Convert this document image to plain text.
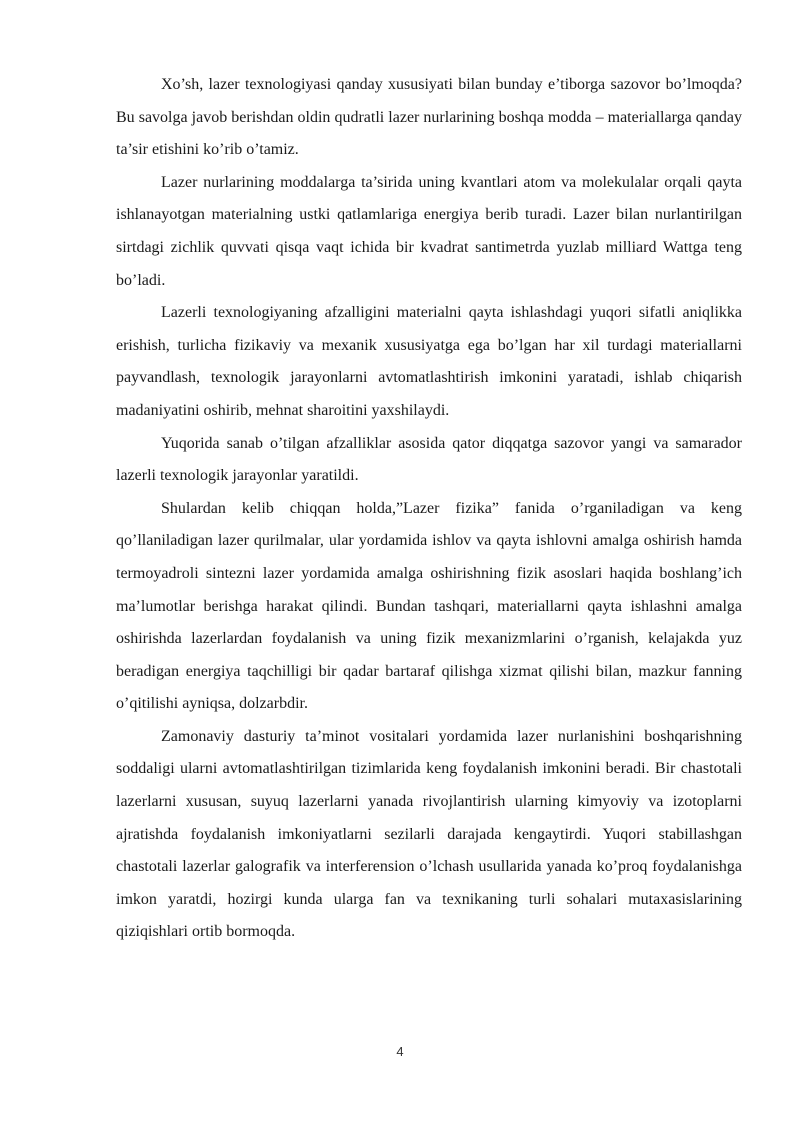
Xo’sh, lazer texnologiyasi qanday xususiyati bilan bunday e’tiborga sazovor bo’lmoqda? Bu savolga javob berishdan oldin qudratli lazer nurlarining boshqa modda – materiallarga qanday ta’sir etishini ko’rib o’tamiz.

Lazer nurlarining moddalarga ta’sirida uning kvantlari atom va molekulalar orqali qayta ishlanayotgan materialning ustki qatlamlariga energiya berib turadi. Lazer bilan nurlantirilgan sirtdagi zichlik quvvati qisqa vaqt ichida bir kvadrat santimetrda yuzlab milliard Wattga teng bo’ladi.

Lazerli texnologiyaning afzalligini materialni qayta ishlashdagi yuqori sifatli aniqlikka erishish, turlicha fizikaviy va mexanik xususiyatga ega bo’lgan har xil turdagi materiallarni payvandlash, texnologik jarayonlarni avtomatlashtirish imkonini yaratadi, ishlab chiqarish madaniyatini oshirib, mehnat sharoitini yaxshilaydi.

Yuqorida sanab o’tilgan afzalliklar asosida qator diqqatga sazovor yangi va samarador lazerli texnologik jarayonlar yaratildi.

Shulardan kelib chiqqan holda,”Lazer fizika” fanida o’rganiladigan va keng qo’llaniladigan lazer qurilmalar, ular yordamida ishlov va qayta ishlovni amalga oshirish hamda termoyadroli sintezni lazer yordamida amalga oshirishning fizik asoslari haqida boshlang’ich ma’lumotlar berishga harakat qilindi. Bundan tashqari, materiallarni qayta ishlashni amalga oshirishda lazerlardan foydalanish va uning fizik mexanizmlarini o’rganish, kelajakda yuz beradigan energiya taqchilligi bir qadar bartaraf qilishga xizmat qilishi bilan, mazkur fanning o’qitilishi ayniqsa, dolzarbdir.

Zamonaviy dasturiy ta’minot vositalari yordamida lazer nurlanishini boshqarishning soddaligi ularni avtomatlashtirilgan tizimlarida keng foydalanish imkonini beradi. Bir chastotali lazerlarni xususan, suyuq lazerlarni yanada rivojlantirish ularning kimyoviy va izotoplarni ajratishda foydalanish imkoniyatlarni sezilarli darajada kengaytirdi. Yuqori stabillashgan chastotali lazerlar galografik va interferension o’lchash usullarida yanada ko’proq foydalanishga imkon yaratdi, hozirgi kunda ularga fan va texnikaning turli sohalari mutaxasislarining qiziqishlari ortib bormoqda.

4
